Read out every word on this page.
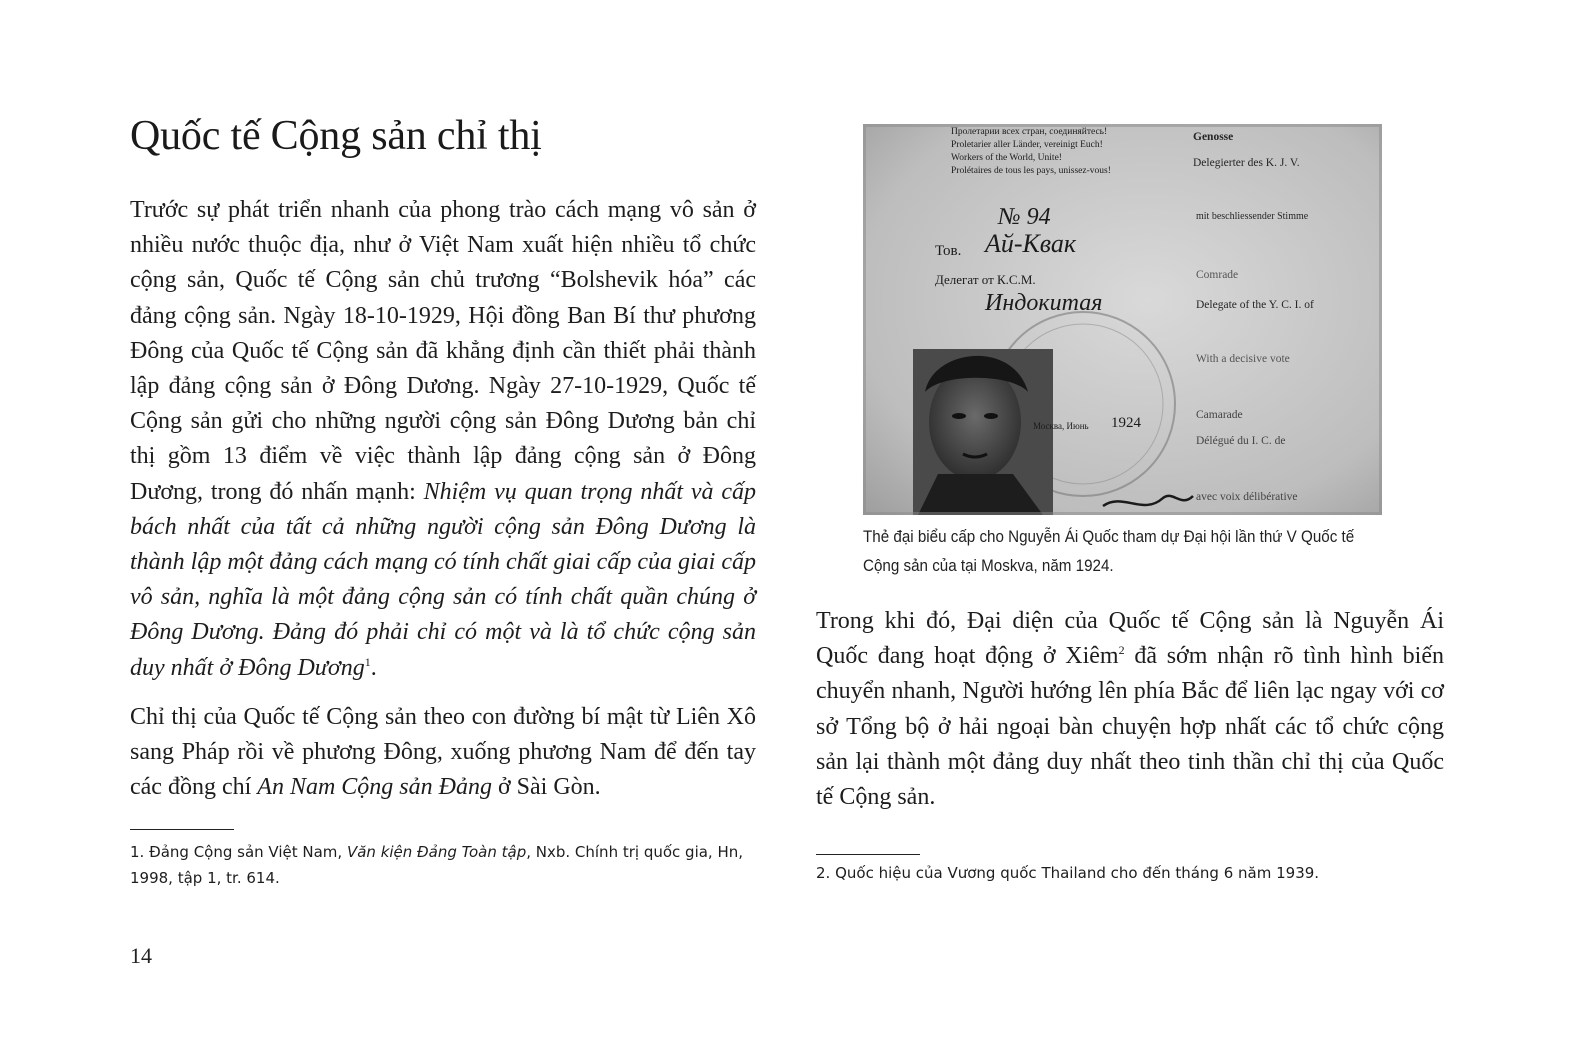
Quốc tế Cộng sản chỉ thị

Trước sự phát triển nhanh của phong trào cách mạng vô sản ở nhiều nước thuộc địa, như ở Việt Nam xuất hiện nhiều tổ chức cộng sản, Quốc tế Cộng sản chủ trương “Bolshevik hóa” các đảng cộng sản. Ngày 18-10-1929, Hội đồng Ban Bí thư phương Đông của Quốc tế Cộng sản đã khẳng định cần thiết phải thành lập đảng cộng sản ở Đông Dương. Ngày 27-10-1929, Quốc tế Cộng sản gửi cho những người cộng sản Đông Dương bản chỉ thị gồm 13 điểm về việc thành lập đảng cộng sản ở Đông Dương, trong đó nhấn mạnh: Nhiệm vụ quan trọng nhất và cấp bách nhất của tất cả những người cộng sản Đông Dương là thành lập một đảng cách mạng có tính chất giai cấp của giai cấp vô sản, nghĩa là một đảng cộng sản có tính chất quần chúng ở Đông Dương. Đảng đó phải chỉ có một và là tổ chức cộng sản duy nhất ở Đông Dương$^1$.

Chỉ thị của Quốc tế Cộng sản theo con đường bí mật từ Liên Xô sang Pháp rồi về phương Đông, xuống phương Nam để đến tay các đồng chí An Nam Cộng sản Đảng ở Sài Gòn.

1. Đảng Cộng sản Việt Nam, Văn kiện Đảng Toàn tập, Nxb. Chính trị quốc gia, Hn, 1998, tập 1, tr. 614.

14
Пролетарии всех стран, соединяйтесь!
Proletarier aller Länder, vereinigt Euch!
Workers of the World, Unite!
Prolétaires de tous les pays, unissez-vous!
№ 94
Тов. Ай-Квак
Делегат от К.С.М.
Индокитая
Москва, Июнь 1924
Genosse
Delegierter des K. J. V.
mit beschliessender Stimme
Comrade
Delegate of the Y. C. I. of
With a decisive vote
Camarade
Délégué du I. C. de
avec voix délibérative

Thẻ đại biểu cấp cho Nguyễn Ái Quốc tham dự Đại hội lần thứ V Quốc tế Cộng sản của tại Moskva, năm 1924.

Trong khi đó, Đại diện của Quốc tế Cộng sản là Nguyễn Ái Quốc đang hoạt động ở Xiêm$^2$ đã sớm nhận rõ tình hình biến chuyển nhanh, Người hướng lên phía Bắc để liên lạc ngay với cơ sở Tổng bộ ở hải ngoại bàn chuyện hợp nhất các tổ chức cộng sản lại thành một đảng duy nhất theo tinh thần chỉ thị của Quốc tế Cộng sản.

2. Quốc hiệu của Vương quốc Thailand cho đến tháng 6 năm 1939.
